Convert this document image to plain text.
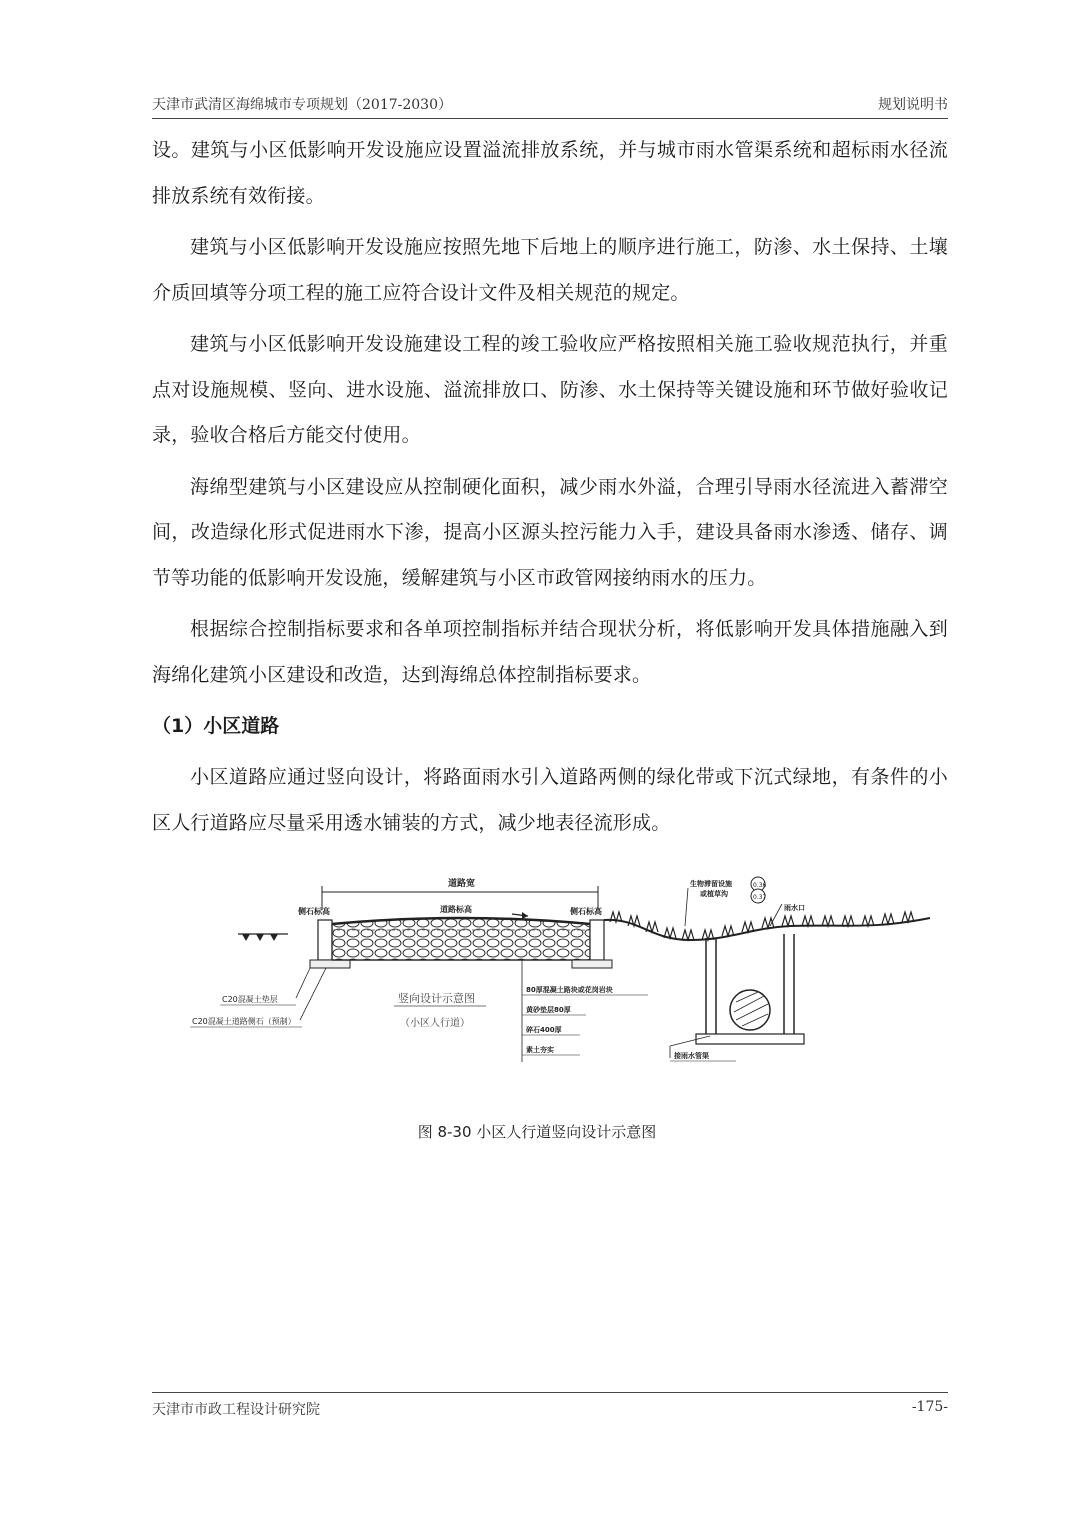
天津市武清区海绵城市专项规划（2017-2030）	规划说明书

设。建筑与小区低影响开发设施应设置溢流排放系统，并与城市雨水管渠系统和超标雨水径流排放系统有效衔接。

建筑与小区低影响开发设施应按照先地下后地上的顺序进行施工，防渗、水土保持、土壤介质回填等分项工程的施工应符合设计文件及相关规范的规定。

建筑与小区低影响开发设施建设工程的竣工验收应严格按照相关施工验收规范执行，并重点对设施规模、竖向、进水设施、溢流排放口、防渗、水土保持等关键设施和环节做好验收记录，验收合格后方能交付使用。

海绵型建筑与小区建设应从控制硬化面积，减少雨水外溢，合理引导雨水径流进入蓄滞空间，改造绿化形式促进雨水下渗，提高小区源头控污能力入手，建设具备雨水渗透、储存、调节等功能的低影响开发设施，缓解建筑与小区市政管网接纳雨水的压力。

根据综合控制指标要求和各单项控制指标并结合现状分析，将低影响开发具体措施融入到海绵化建筑小区建设和改造，达到海绵总体控制指标要求。

（1）小区道路

小区道路应通过竖向设计，将路面雨水引入道路两侧的绿化带或下沉式绿地，有条件的小区人行道路应尽量采用透水铺装的方式，减少地表径流形成。

道路宽
侧石标高	道路标高	侧石标高
生物滞留设施
或植草沟
0.36
0.37
雨水口
C20混凝土垫层
C20混凝土道路侧石（预制）
竖向设计示意图
（小区人行道）
80厚混凝土路块或花岗岩块
黄砂垫层80厚
碎石400厚
素土夯实
接雨水管渠
图 8-30 小区人行道竖向设计示意图
天津市市政工程设计研究院	-175-
